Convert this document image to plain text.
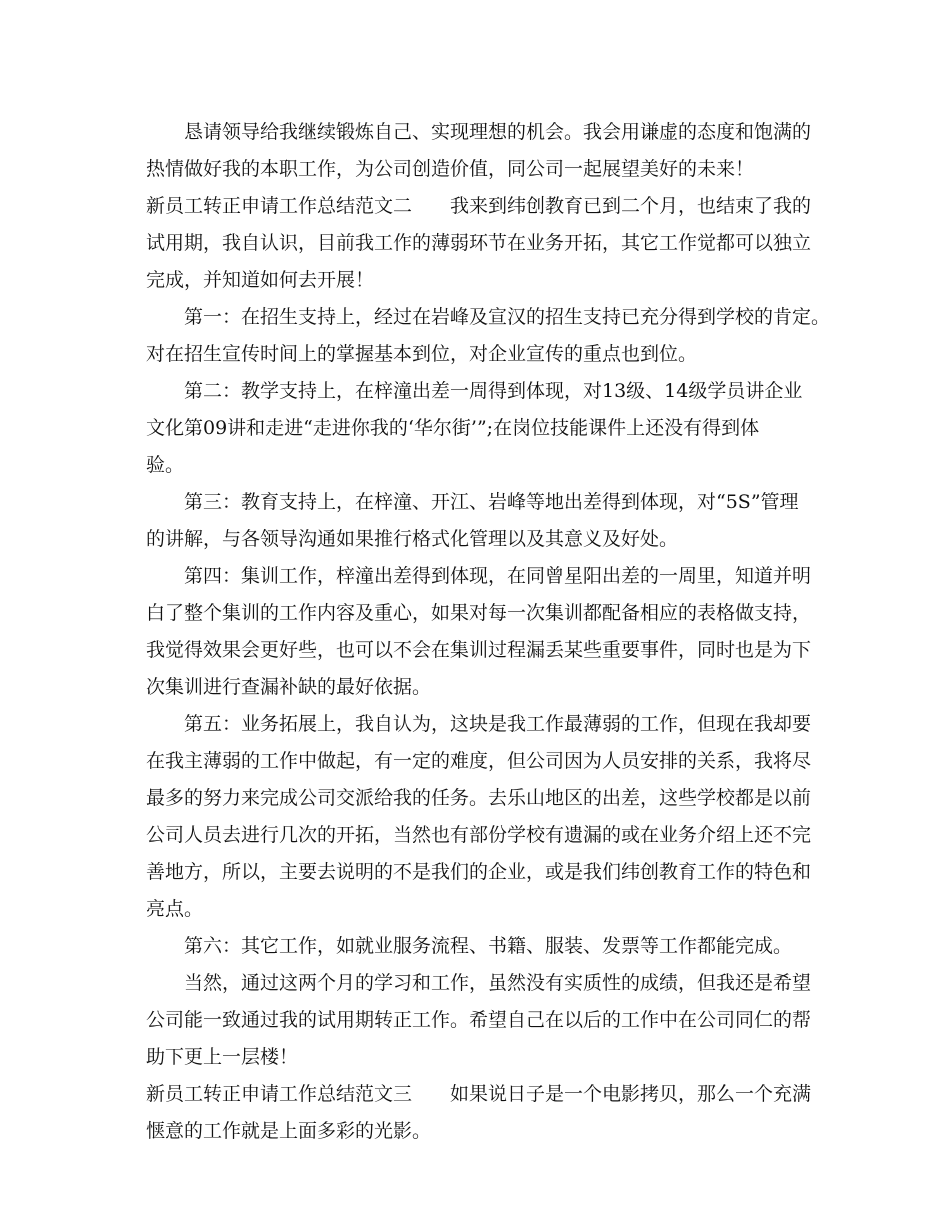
恳请领导给我继续锻炼自己、实现理想的机会。我会用谦虚的态度和饱满的
热情做好我的本职工作，为公司创造价值，同公司一起展望美好的未来！
新员工转正申请工作总结范文二　　我来到纬创教育已到二个月，也结束了我的
试用期，我自认识，目前我工作的薄弱环节在业务开拓，其它工作觉都可以独立
完成，并知道如何去开展！
第一：在招生支持上，经过在岩峰及宣汉的招生支持已充分得到学校的肯定。
对在招生宣传时间上的掌握基本到位，对企业宣传的重点也到位。
第二：教学支持上，在梓潼出差一周得到体现，对13级、14级学员讲企业
文化第09讲和走进“走进你我的‘华尔街’”;在岗位技能课件上还没有得到体
验。
第三：教育支持上，在梓潼、开江、岩峰等地出差得到体现，对“5S”管理
的讲解，与各领导沟通如果推行格式化管理以及其意义及好处。
第四：集训工作，梓潼出差得到体现，在同曾星阳出差的一周里，知道并明
白了整个集训的工作内容及重心，如果对每一次集训都配备相应的表格做支持，
我觉得效果会更好些，也可以不会在集训过程漏丢某些重要事件，同时也是为下
次集训进行查漏补缺的最好依据。
第五：业务拓展上，我自认为，这块是我工作最薄弱的工作，但现在我却要
在我主薄弱的工作中做起，有一定的难度，但公司因为人员安排的关系，我将尽
最多的努力来完成公司交派给我的任务。去乐山地区的出差，这些学校都是以前
公司人员去进行几次的开拓，当然也有部份学校有遗漏的或在业务介绍上还不完
善地方，所以，主要去说明的不是我们的企业，或是我们纬创教育工作的特色和
亮点。
第六：其它工作，如就业服务流程、书籍、服装、发票等工作都能完成。
当然，通过这两个月的学习和工作，虽然没有实质性的成绩，但我还是希望
公司能一致通过我的试用期转正工作。希望自己在以后的工作中在公司同仁的帮
助下更上一层楼！
新员工转正申请工作总结范文三　　如果说日子是一个电影拷贝，那么一个充满
惬意的工作就是上面多彩的光影。
